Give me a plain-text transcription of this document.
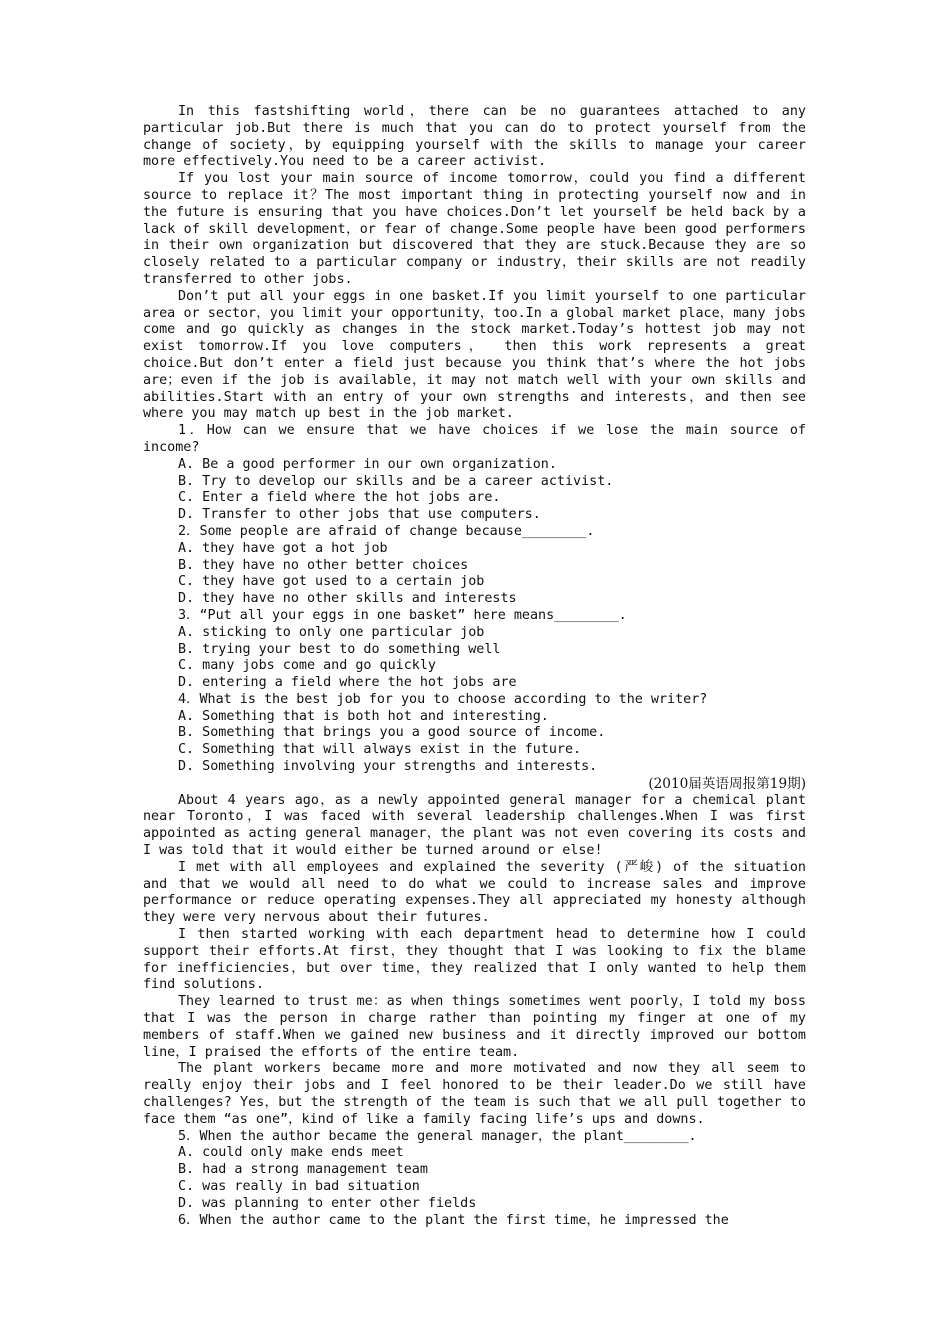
In this fastshifting world，there can be no guarantees attached to any particular job.But there is much that you can do to protect yourself from the change of society，by equipping yourself with the skills to manage your career more effectively.You need to be a career activist.

If you lost your main source of income tomorrow，could you find a different source to replace it？The most important thing in protecting yourself now and in the future is ensuring that you have choices.Don’t let yourself be held back by a lack of skill development，or fear of change.Some people have been good performers in their own organization but discovered that they are stuck.Because they are so closely related to a particular company or industry，their skills are not readily transferred to other jobs.

Don’t put all your eggs in one basket.If you limit yourself to one particular area or sector，you limit your opportunity，too.In a global market place，many jobs come and go quickly as changes in the stock market.Today’s hottest job may not exist tomorrow.If you love computers， then this work represents a great choice.But don’t enter a field just because you think that’s where the hot jobs are；even if the job is available，it may not match well with your own skills and abilities.Start with an entry of your own strengths and interests，and then see where you may match up best in the job market.

1．How can we ensure that we have choices if we lose the main source of income?

A. Be a good performer in our own organization.

B. Try to develop our skills and be a career activist.

C. Enter a field where the hot jobs are.

D. Transfer to other jobs that use computers.

2．Some people are afraid of change because________.

A. they have got a hot job

B. they have no other better choices

C. they have got used to a certain job

D. they have no other skills and interests

3．“Put all your eggs in one basket” here means________.

A. sticking to only one particular job

B. trying your best to do something well

C. many jobs come and go quickly

D. entering a field where the hot jobs are

4．What is the best job for you to choose according to the writer?

A. Something that is both hot and interesting.

B. Something that brings you a good source of income.

C. Something that will always exist in the future.

D. Something involving your strengths and interests.

(2010届英语周报第19期)

About 4 years ago，as a newly appointed general manager for a chemical plant near Toronto，I was faced with several leadership challenges.When I was first appointed as acting general manager，the plant was not even covering its costs and I was told that it would either be turned around or else!

I met with all employees and explained the severity (严峻) of the situation and that we would all need to do what we could to increase sales and improve performance or reduce operating expenses.They all appreciated my honesty although they were very nervous about their futures.

I then started working with each department head to determine how I could support their efforts.At first，they thought that I was looking to fix the blame for inefficiencies，but over time，they realized that I only wanted to help them find solutions.

They learned to trust me：as when things sometimes went poorly，I told my boss that I was the person in charge rather than pointing my finger at one of my members of staff.When we gained new business and it directly improved our bottom line，I praised the efforts of the entire team.

The plant workers became more and more motivated and now they all seem to really enjoy their jobs and I feel honored to be their leader.Do we still have challenges? Yes，but the strength of the team is such that we all pull together to face them “as one”，kind of like a family facing life’s ups and downs.

5．When the author became the general manager，the plant________.

A. could only make ends meet

B. had a strong management team

C. was really in bad situation

D. was planning to enter other fields

6．When the author came to the plant the first time，he impressed the
